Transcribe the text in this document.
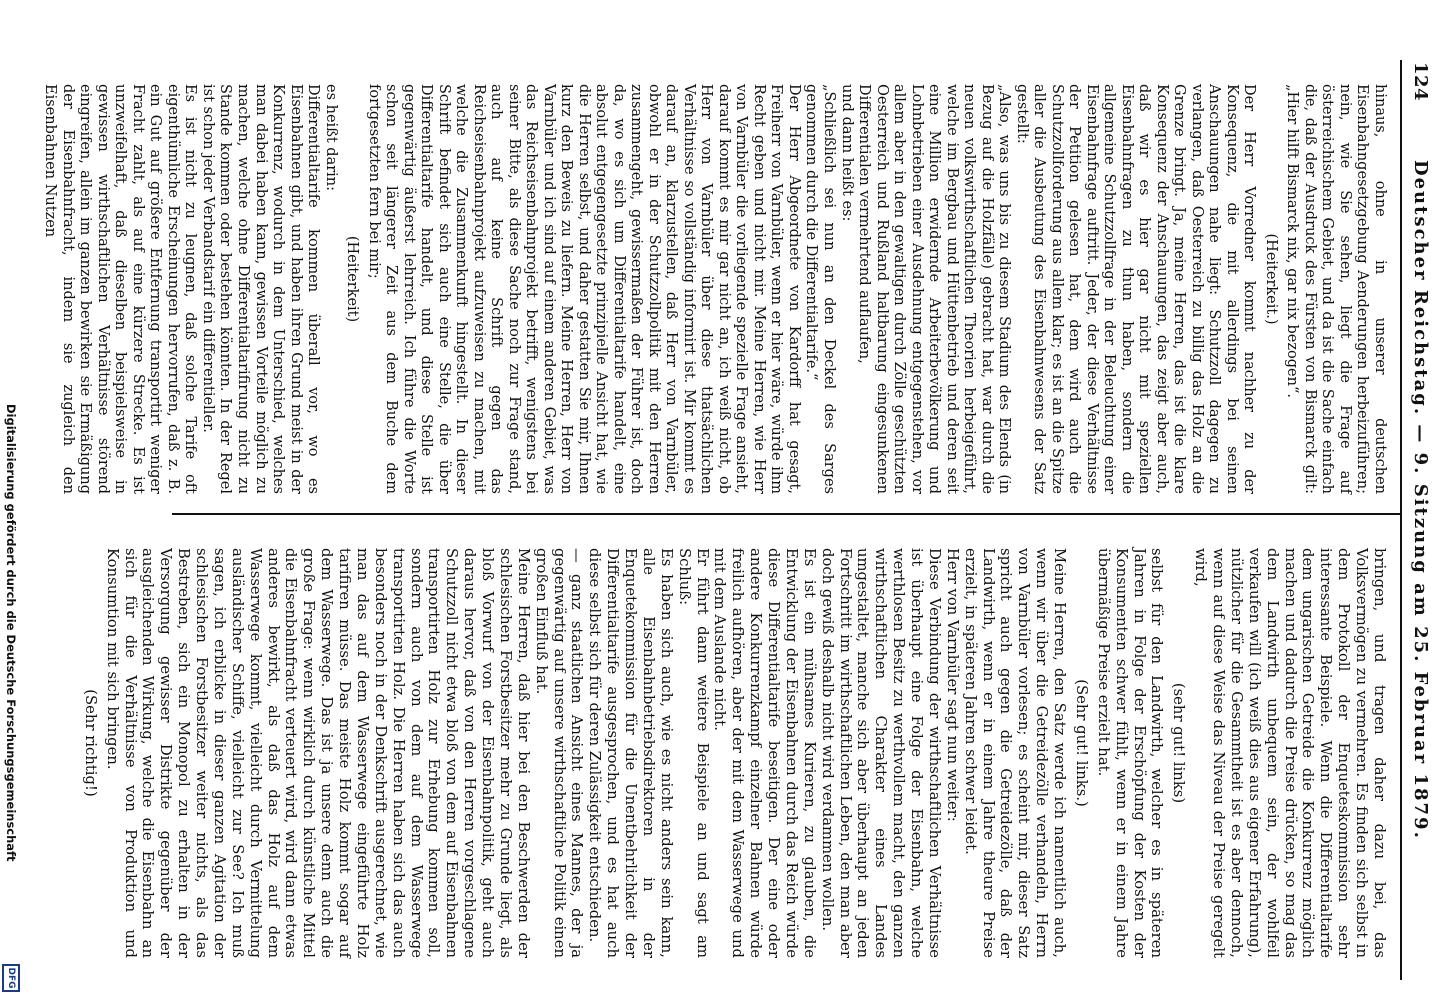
124
Deutscher Reichstag. — 9. Sitzung am 25. Februar 1879.

hinaus, ohne in unserer deutschen Eisenbahngesetzgebung Aenderungen herbeizuführen; nein, wie Sie sehen, liegt die Frage auf österreichischem Gebiet, und da ist die Sache einfach die, daß der Ausdruck des Fürsten von Bismarck gilt: „Hier hilft Bismarck nix, gar nix bezogen“.

(Heiterkeit.)

Der Herr Vorredner kommt nachher zu der Konsequenz, die mit allerdings bei seinen Anschauungen nahe liegt: Schutzzoll dagegen zu verlangen, daß Oesterreich zu billig das Holz an die Grenze bringt. Ja, meine Herren, das ist die klare Konsequenz der Anschauungen, das zeigt aber auch, daß wir es hier gar nicht mit speziellen Eisenbahnfragen zu thun haben, sondern die allgemeine Schutzzollfrage in der Beleuchtung einer Eisenbahnfrage auftritt. Jeder, der diese Verhältnisse der Petition gelesen hat, dem wird auch die Schutzzollforderung aus allem klar; es ist an die Spitze aller die Ausbeutung des Eisenbahnwesens der Satz gestellt:

„Also, was uns bis zu diesem Stadium des Elends (in Bezug auf die Holzfälle) gebracht hat, war durch die neuen volkswirthschaftlichen Theorien herbeigeführt, welche im Bergbau und Hüttenbetrieb und deren seit eine Million erwidernde Arbeiterbevölkerung und Lohnbetrieben einer Ausdehnung entgegenstehen, vor allem aber in den gewaltigen durch Zölle geschützten Oesterreich und Rußland haltbarung eingesunkenen Differentialen vermehrtend auflaufen,

und dann heißt es:

„Schließlich sei nun an den Deckel des Sarges genommen durch die Differentialtarife.“

Der Herr Abgeordnete von Kardorff hat gesagt, Freiherr von Varnbüler, wenn er hier wäre, würde ihm Recht geben und nicht mir. Meine Herren, wie Herr von Varnbüler die vorliegende spezielle Frage ansieht, darauf kommt es mir gar nicht an, ich weiß nicht, ob Herr von Varnbüler über diese thatsächlichen Verhältnisse so vollständig informirt ist. Mir kommt es darauf an, klarzustellen, daß Herr von Varnbüler, obwohl er in der Schutzzollpolitik mit den Herren zusammengeht, gewissermaßen der Führer ist, doch da, wo es sich um Differentialtarife handelt, eine absolut entgegengesetzte prinzipielle Ansicht hat, wie die Herren selbst, und daher gestatten Sie mir, Ihnen kurz den Beweis zu liefern. Meine Herren, Herr von Varnbüler und ich sind auf einem anderen Gebiet, was das Reichseisenbahnprojekt betrifft, wenigstens bei seiner Bitte, als diese Sache noch zur Frage stand, auch auf keine Schrift gegen das Reichseisenbahnprojekt aufzuweisen zu machen, mit welche die Zusammenkunft hingestellt. In dieser Schrift befindet sich auch eine Stelle, die über Differentialtarife handelt, und diese Stelle ist gegenwärtig äußerst lehrreich. Ich führe die Worte schon seit längerer Zeit aus dem Buche dem fortgesetzten fern bei mir;

(Heiterkeit)

es heißt darin:

Differentialtarife kommen überall vor, wo es Eisenbahnen gibt, und haben ihren Grund meist in der Konkurrenz, wodurch in dem Unterschied, welches man dabei haben kann, gewissen Vorteile möglich zu machen, welche ohne Differentialtarifirung nicht zu Stande kommen oder bestehen könnten. In der Regel ist schon jeder Verbandstarif ein differentieller.

Es ist nicht zu leugnen, daß solche Tarife oft eigenthümliche Erscheinungen hervorrufen, daß z. B. ein Gut auf größere Entfernung transportirt weniger Fracht zahlt, als auf eine kürzere Strecke. Es ist unzweifelhaft, daß dieselben beispielsweise in gewissen wirthschaftlichen Verhältnisse störend eingreifen, allein im ganzen bewirken sie Ermäßigung der Eisenbahnfracht, indem sie zugleich den Eisenbahnen Nutzen

bringen, und tragen daher dazu bei, das Volksvermögen zu vermehren. Es finden sich selbst in dem Protokoll der Enqueteskommission sehr interessante Beispiele. Wenn die Differentialtarife dem ungarischen Getreide die Konkurrenz möglich machen und dadurch die Preise drücken, so mag das dem Landwirth unbequem sein, der wohlfeil verkaufen will (ich weiß dies aus eigener Erfahrung), nützlicher für die Gesammtheit ist es aber dennoch, wenn auf diese Weise das Niveau der Preise geregelt wird,

(sehr gut! links)

selbst für den Landwirth, welcher es in späteren Jahren in Folge der Erschöpfung der Kosten der Konsumenten schwer fühlt, wenn er in einem Jahre übermäßige Preise erzielt hat.

(Sehr gut! links.)

Meine Herren, den Satz werde ich namentlich auch, wenn wir über die Getreidezölle verhandeln, Herrn von Varnbüler vorlesen; es scheint mir, dieser Satz spricht auch gegen die Getreidezölle, daß der Landwirth, wenn er in einem Jahre theure Preise erzielt, in späteren Jahren schwer leidet.

Herr von Varnbüler sagt nun weiter:

Diese Verbindung der wirthschaftlichen Verhältnisse ist überhaupt eine Folge der Eisenbahn, welche werthlosen Besitz zu werthvollem macht, den ganzen wirthschaftlichen Charakter eines Landes umgestaltet, manche sich aber überhaupt an jeden Fortschritt im wirthschaftlichen Leben, den man aber doch gewiß deshalb nicht wird verdammen wollen.

Es ist ein mühsames Kurieren, zu glauben, die Entwicklung der Eisenbahnen durch das Reich würde diese Differentialtarife beseitigen. Der eine oder andere Konkurrenzkampf einzelner Bahnen würde freilich aufhören, aber der mit dem Wasserwege und mit dem Auslande nicht.

Er führt dann weitere Beispiele an und sagt am Schluß:

Es haben sich auch, wie es nicht anders sein kann, alle Eisenbahnbetriebsdirektoren in der Enquetekommission für die Unentbehrlichkeit der Differentialtarife ausgesprochen, und es hat auch diese selbst sich für deren Zulässigkeit entschieden.

— ganz staatlichen Ansicht eines Mannes, der ja gegenwärtig auf unsere wirthschaftliche Politik einen großen Einfluß hat.

Meine Herren, daß hier bei den Beschwerden der schlesischen Forstbesitzer mehr zu Grunde liegt, als bloß Vorwurf von der Eisenbahnpolitik, geht auch daraus hervor, daß von den Herren vorgeschlagene Schutzzoll nicht etwa bloß von dem auf Eisenbahnen transportirten Holz zur Erhebung kommen soll, sondern auch von dem auf dem Wasserwege transportirten Holz. Die Herren haben sich das auch besonders noch in der Denkschrift ausgerechnet, wie man das auf dem Wasserwege eingeführte Holz tarifiren müsse. Das meiste Holz kommt sogar auf dem Wasserwege. Das ist ja unsere denn auch die große Frage: wenn wirklich durch künstliche Mittel die Eisenbahnfracht verteuert wird, wird dann etwas anderes bewirkt, als daß das Holz auf dem Wasserwege kommt, vielleicht durch Vermittelung ausländischer Schiffe, vielleicht zur See? Ich muß sagen, ich erblicke in dieser ganzen Agitation der schlesischen Forstbesitzer weiter nichts, als das Bestreben, sich ein Monopol zu erhalten in der Versorgung gewisser Distrikte gegenüber der ausgleichenden Wirkung, welche die Eisenbahn an sich für die Verhältnisse von Produktion und Konsumtion mit sich bringen.

(Sehr richtig!)

Digitalisierung gefördert durch die Deutsche Forschungsgemeinschaft
DFG
